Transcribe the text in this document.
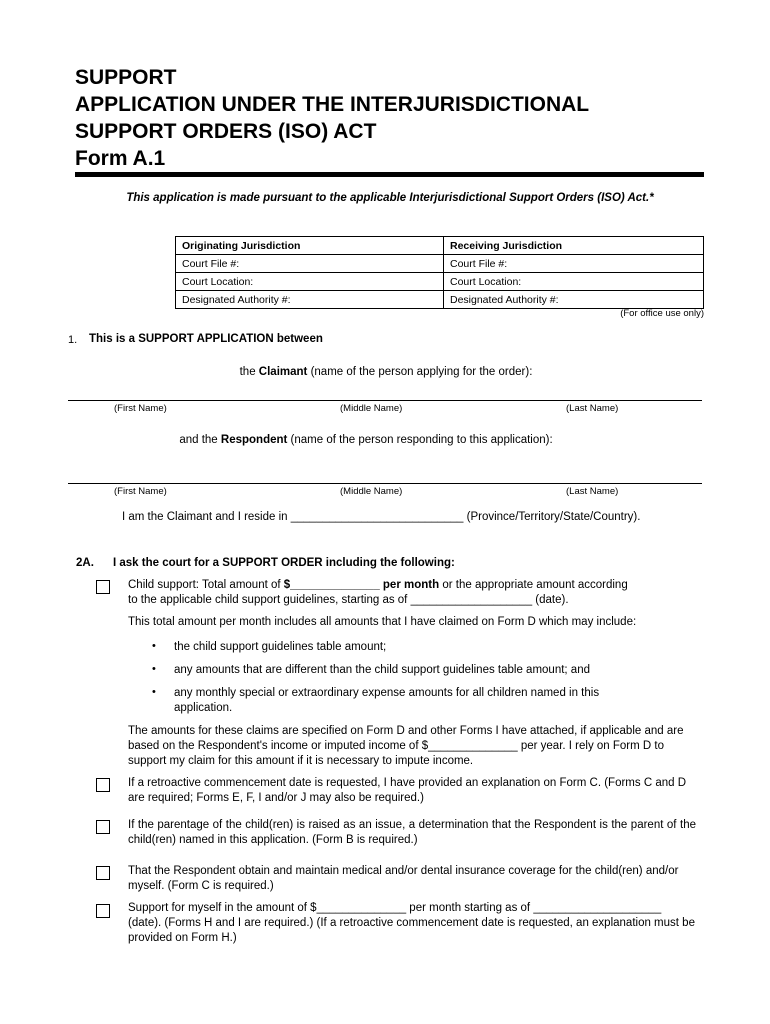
SUPPORT
APPLICATION UNDER THE INTERJURISDICTIONAL
SUPPORT ORDERS (ISO) ACT
Form A.1
This application is made pursuant to the applicable Interjurisdictional Support Orders (ISO) Act.*
Originating Jurisdiction	Receiving Jurisdiction
Court File #:	Court File #:
Court Location:	Court Location:
Designated Authority #:	Designated Authority #:
(For office use only)
1. This is a SUPPORT APPLICATION between
the Claimant (name of the person applying for the order):
(First Name)	(Middle Name)	(Last Name)
and the Respondent (name of the person responding to this application):
(First Name)	(Middle Name)	(Last Name)
I am the Claimant and I reside in ___________________________ (Province/Territory/State/Country).
2A. I ask the court for a SUPPORT ORDER including the following:
Child support: Total amount of $______________ per month or the appropriate amount according
to the applicable child support guidelines, starting as of ___________________ (date).
This total amount per month includes all amounts that I have claimed on Form D which may include:
• the child support guidelines table amount;
• any amounts that are different than the child support guidelines table amount; and
• any monthly special or extraordinary expense amounts for all children named in this application.
The amounts for these claims are specified on Form D and other Forms I have attached, if applicable and are based on the Respondent's income or imputed income of $______________ per year. I rely on Form D to support my claim for this amount if it is necessary to impute income.
If a retroactive commencement date is requested, I have provided an explanation on Form C. (Forms C and D are required; Forms E, F, I and/or J may also be required.)
If the parentage of the child(ren) is raised as an issue, a determination that the Respondent is the parent of the child(ren) named in this application. (Form B is required.)
That the Respondent obtain and maintain medical and/or dental insurance coverage for the child(ren) and/or myself. (Form C is required.)
Support for myself in the amount of $______________ per month starting as of ____________________ (date). (Forms H and I are required.) (If a retroactive commencement date is requested, an explanation must be provided on Form H.)
